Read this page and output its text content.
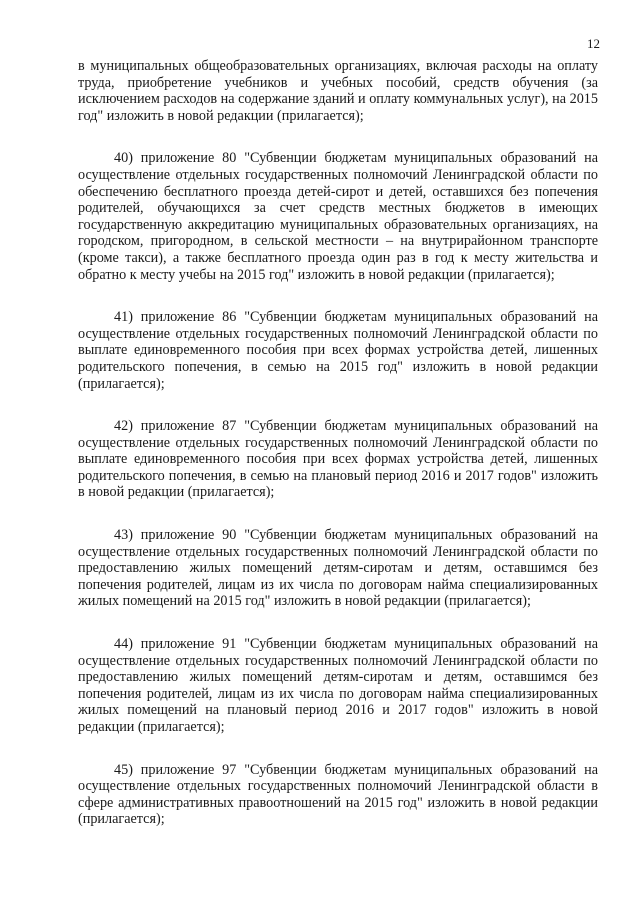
12

в муниципальных общеобразовательных организациях, включая расходы на оплату труда, приобретение учебников и учебных пособий, средств обучения (за исключением расходов на содержание зданий и оплату коммунальных услуг), на 2015 год" изложить в новой редакции (прилагается);

40) приложение 80 "Субвенции бюджетам муниципальных образований на осуществление отдельных государственных полномочий Ленинградской области по обеспечению бесплатного проезда детей-сирот и детей, оставшихся без попечения родителей, обучающихся за счет средств местных бюджетов в имеющих государственную аккредитацию муниципальных образовательных организациях, на городском, пригородном, в сельской местности – на внутрирайонном транспорте (кроме такси), а также бесплатного проезда один раз в год к месту жительства и обратно к месту учебы на 2015 год" изложить в новой редакции (прилагается);

41) приложение 86 "Субвенции бюджетам муниципальных образований на осуществление отдельных государственных полномочий Ленинградской области по выплате единовременного пособия при всех формах устройства детей, лишенных родительского попечения, в семью на 2015 год" изложить в новой редакции (прилагается);

42) приложение 87 "Субвенции бюджетам муниципальных образований на осуществление отдельных государственных полномочий Ленинградской области по выплате единовременного пособия при всех формах устройства детей, лишенных родительского попечения, в семью на плановый период 2016 и 2017 годов" изложить в новой редакции (прилагается);

43) приложение 90 "Субвенции бюджетам муниципальных образований на осуществление отдельных государственных полномочий Ленинградской области по предоставлению жилых помещений детям-сиротам и детям, оставшимся без попечения родителей, лицам из их числа по договорам найма специализированных жилых помещений на 2015 год" изложить в новой редакции (прилагается);

44) приложение 91 "Субвенции бюджетам муниципальных образований на осуществление отдельных государственных полномочий Ленинградской области по предоставлению жилых помещений детям-сиротам и детям, оставшимся без попечения родителей, лицам из их числа по договорам найма специализированных жилых помещений на плановый период 2016 и 2017 годов" изложить в новой редакции (прилагается);

45) приложение 97 "Субвенции бюджетам муниципальных образований на осуществление отдельных государственных полномочий Ленинградской области в сфере административных правоотношений на 2015 год" изложить в новой редакции (прилагается);
